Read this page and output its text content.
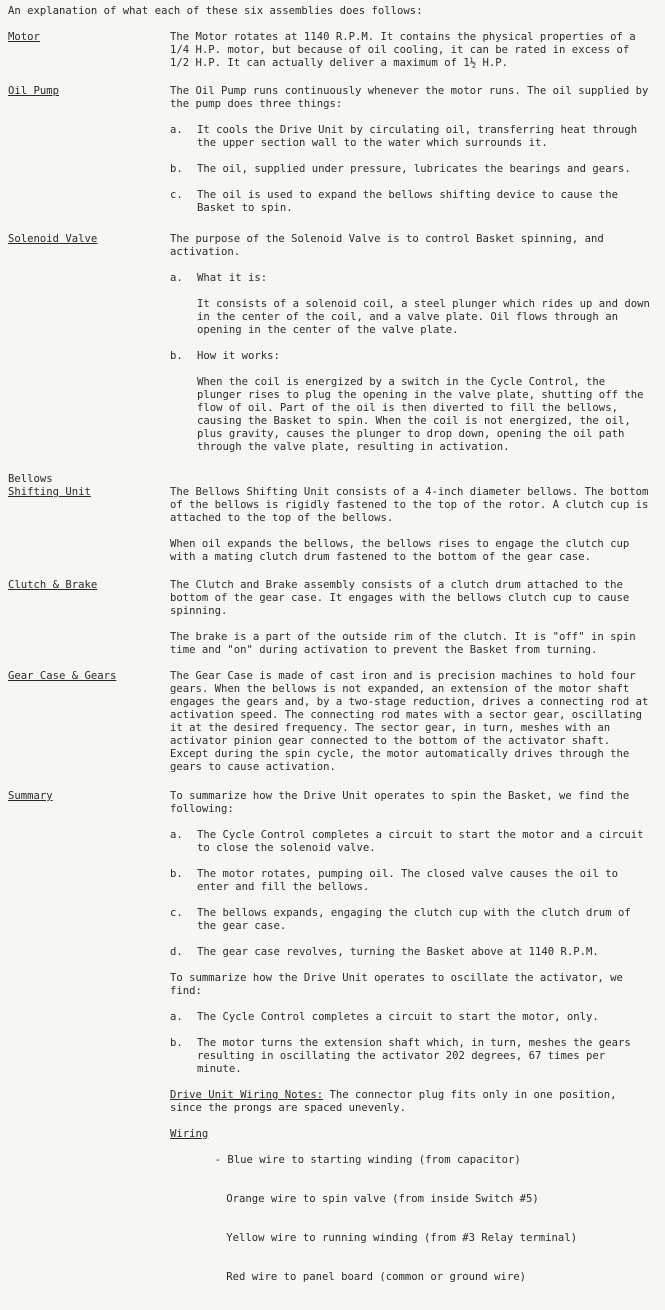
An explanation of what each of these six assemblies does follows:
Motor	The Motor rotates at 1140 R.P.M. It contains the physical properties of a 1/4 H.P. motor, but because of oil cooling, it can be rated in excess of 1/2 H.P. It can actually deliver a maximum of 1½ H.P.

Oil Pump	The Oil Pump runs continuously whenever the motor runs. The oil supplied by the pump does three things:

a.	It cools the Drive Unit by circulating oil, transferring heat through the upper section wall to the water which surrounds it.
b.	The oil, supplied under pressure, lubricates the bearings and gears.
c.	The oil is used to expand the bellows shifting device to cause the Basket to spin.
Solenoid Valve	The purpose of the Solenoid Valve is to control Basket spinning, and activation.

a.	What it is:
It consists of a solenoid coil, a steel plunger which rides up and down in the center of the coil, and a valve plate. Oil flows through an opening in the center of the valve plate.
b.	How it works:
When the coil is energized by a switch in the Cycle Control, the plunger rises to plug the opening in the valve plate, shutting off the flow of oil. Part of the oil is then diverted to fill the bellows, causing the Basket to spin. When the coil is not energized, the oil, plus gravity, causes the plunger to drop down, opening the oil path through the valve plate, resulting in activation.
Bellows
Shifting Unit	The Bellows Shifting Unit consists of a 4-inch diameter bellows. The bottom of the bellows is rigidly fastened to the top of the rotor. A clutch cup is attached to the top of the bellows.

When oil expands the bellows, the bellows rises to engage the clutch cup with a mating clutch drum fastened to the bottom of the gear case.

Clutch & Brake	The Clutch and Brake assembly consists of a clutch drum attached to the bottom of the gear case. It engages with the bellows clutch cup to cause spinning.

The brake is a part of the outside rim of the clutch. It is "off" in spin time and "on" during activation to prevent the Basket from turning.

Gear Case & Gears	The Gear Case is made of cast iron and is precision machines to hold four gears. When the bellows is not expanded, an extension of the motor shaft engages the gears and, by a two-stage reduction, drives a connecting rod at activation speed. The connecting rod mates with a sector gear, oscillating it at the desired frequency. The sector gear, in turn, meshes with an activator pinion gear connected to the bottom of the activator shaft. Except during the spin cycle, the motor automatically drives through the gears to cause activation.

Summary	To summarize how the Drive Unit operates to spin the Basket, we find the following:

a.	The Cycle Control completes a circuit to start the motor and a circuit to close the solenoid valve.
b.	The motor rotates, pumping oil. The closed valve causes the oil to enter and fill the bellows.
c.	The bellows expands, engaging the clutch cup with the clutch drum of the gear case.
d.	The gear case revolves, turning the Basket above at 1140 R.P.M.

To summarize how the Drive Unit operates to oscillate the activator, we find:

a.	The Cycle Control completes a circuit to start the motor, only.
b.	The motor turns the extension shaft which, in turn, meshes the gears resulting in oscillating the activator 202 degrees, 67 times per minute.

Drive Unit Wiring Notes: The connector plug fits only in one position, since the prongs are spaced unevenly.

Wiring

- Blue wire to starting winding (from capacitor)

Orange wire to spin valve (from inside Switch #5)

Yellow wire to running winding (from #3 Relay terminal)

Red wire to panel board (common or ground wire)
